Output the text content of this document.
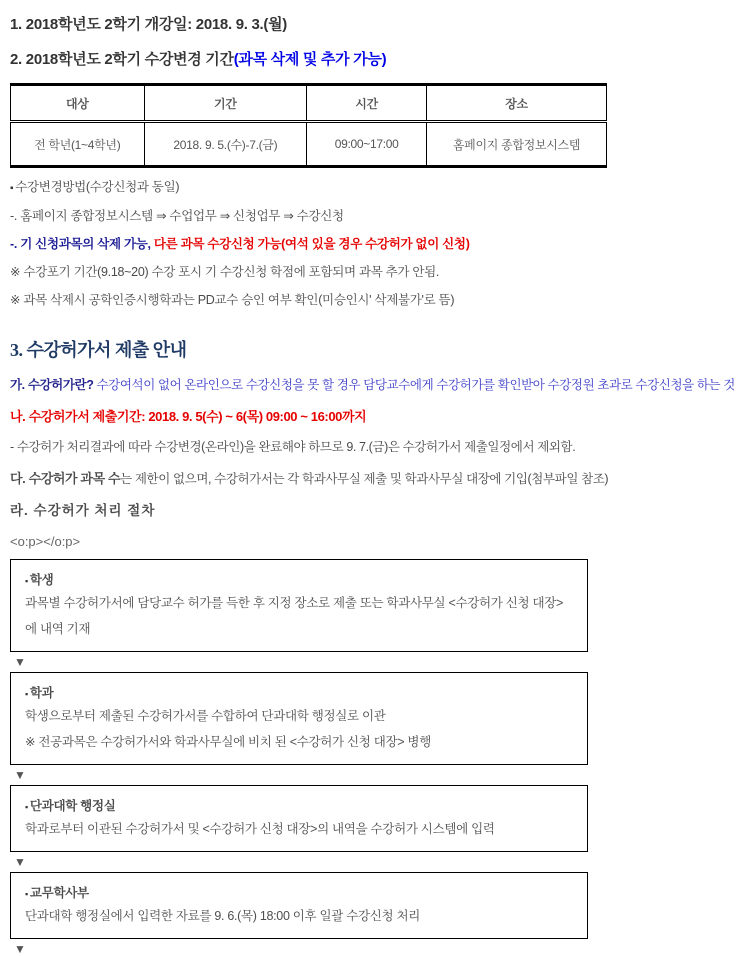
1. 2018학년도 2학기 개강일: 2018. 9. 3.(월)
2. 2018학년도 2학기 수강변경 기간(과목 삭제 및 추가 가능)
대상	기간	시간	장소
전 학년(1~4학년)	2018. 9. 5.(수)-7.(금)	09:00~17:00	홈페이지 종합정보시스템
▪ 수강변경방법(수강신청과 동일)
-. 홈페이지 종합정보시스템 ⇒ 수업업무 ⇒ 신청업무 ⇒ 수강신청
-. 기 신청과목의 삭제 가능, 다른 과목 수강신청 가능(여석 있을 경우 수강허가 없이 신청)
※ 수강포기 기간(9.18~20) 수강 포시 기 수강신청 학점에 포함되며 과목 추가 안됨.
※ 과목 삭제시 공학인증시행학과는 PD교수 승인 여부 확인(미승인시' 삭제불가'로 뜸)
3. 수강허가서 제출 안내
가. 수강허가란? 수강여석이 없어 온라인으로 수강신청을 못 할 경우 담당교수에게 수강허가를 확인받아 수강정원 초과로 수강신청을 하는 것
나. 수강허가서 제출기간: 2018. 9. 5(수) ~ 6(목) 09:00 ~ 16:00까지
- 수강허가 처리결과에 따라 수강변경(온라인)을 완료해야 하므로 9. 7.(금)은 수강허가서 제출일정에서 제외함.
다. 수강허가 과목 수는 제한이 없으며, 수강허가서는 각 학과사무실 제출 및 학과사무실 대장에 기입(첨부파일 참조)
라. 수강허가 처리 절차
<o:p></o:p>
▪ 학생

과목별 수강허가서에 담당교수 허가를 득한 후 지정 장소로 제출 또는 학과사무실 <수강허가 신청 대장>에 내역 기재

▼
▪ 학과

학생으로부터 제출된 수강허가서를 수합하여 단과대학 행정실로 이관

※ 전공과목은 수강허가서와 학과사무실에 비치 된 <수강허가 신청 대장> 병행

▼
▪ 단과대학 행정실

학과로부터 이관된 수강허가서 및 <수강허가 신청 대장>의 내역을 수강허가 시스템에 입력

▼
▪ 교무학사부

단과대학 행정실에서 입력한 자료를 9. 6.(목) 18:00 이후 일괄 수강신청 처리

▼
